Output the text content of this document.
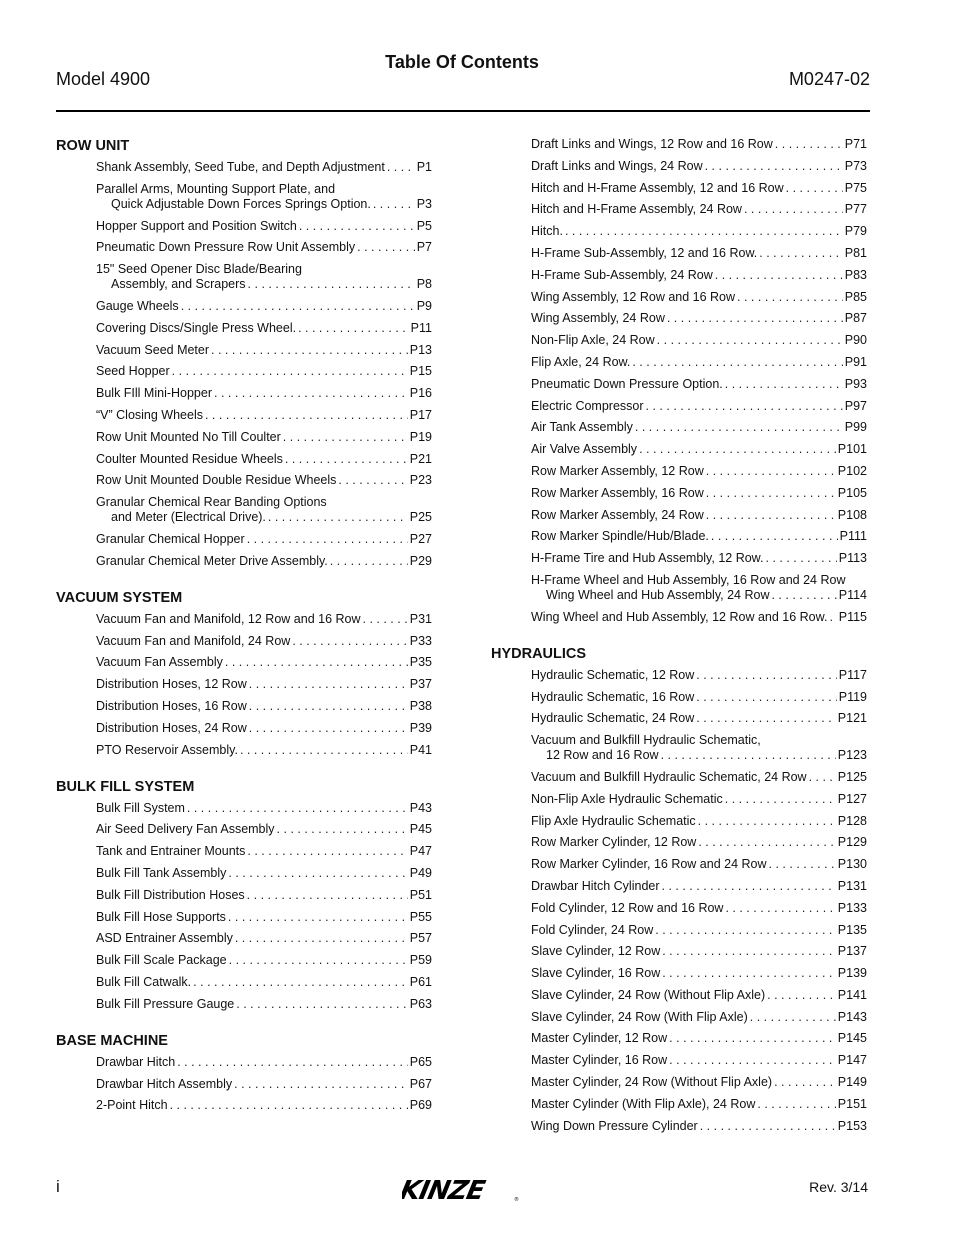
Table Of Contents
Model 4900	M0247-02
ROW UNIT
Shank Assembly, Seed Tube, and Depth Adjustment . . .	P1
Parallel Arms, Mounting Support Plate, and
Quick Adjustable Down Forces Springs Option. . . .	P3
Hopper Support and Position Switch . . .	P5
Pneumatic Down Pressure Row Unit Assembly . . .	P7
15" Seed Opener Disc Blade/Bearing
Assembly, and Scrapers . . .	P8
Gauge Wheels . . .	P9
Covering Discs/Single Press Wheel. . . .	P11
Vacuum Seed Meter . . .	P13
Seed Hopper . . .	P15
Bulk FIll Mini-Hopper . . .	P16
“V” Closing Wheels . . .	P17
Row Unit Mounted No Till Coulter . . .	P19
Coulter Mounted Residue Wheels . . .	P21
Row Unit Mounted Double Residue Wheels . . .	P23
Granular Chemical Rear Banding Options
and Meter (Electrical Drive). . . .	P25
Granular Chemical Hopper . . .	P27
Granular Chemical Meter Drive Assembly. . . .	P29
VACUUM SYSTEM
Vacuum Fan and Manifold, 12 Row and 16 Row . . .	P31
Vacuum Fan and Manifold, 24 Row . . .	P33
Vacuum Fan Assembly . . .	P35
Distribution Hoses, 12 Row . . .	P37
Distribution Hoses, 16 Row . . .	P38
Distribution Hoses, 24 Row . . .	P39
PTO Reservoir Assembly. . . .	P41
BULK FILL SYSTEM
Bulk Fill System . . .	P43
Air Seed Delivery Fan Assembly . . .	P45
Tank and Entrainer Mounts . . .	P47
Bulk Fill Tank Assembly . . .	P49
Bulk Fill Distribution Hoses . . .	P51
Bulk Fill Hose Supports . . .	P55
ASD Entrainer Assembly . . .	P57
Bulk Fill Scale Package . . .	P59
Bulk Fill Catwalk. . . .	P61
Bulk Fill Pressure Gauge . . .	P63
BASE MACHINE
Drawbar Hitch . . .	P65
Drawbar Hitch Assembly . . .	P67
2-Point Hitch . . .	P69
Draft Links and Wings, 12 Row and 16 Row . . .	P71
Draft Links and Wings, 24 Row . . .	P73
Hitch and H-Frame Assembly, 12 and 16 Row . . .	P75
Hitch and H-Frame Assembly, 24 Row . . .	P77
Hitch. . . .	P79
H-Frame Sub-Assembly, 12 and 16 Row. . . .	P81
H-Frame Sub-Assembly, 24 Row . . .	P83
Wing Assembly, 12 Row and 16 Row . . .	P85
Wing Assembly, 24 Row . . .	P87
Non-Flip Axle, 24 Row . . .	P90
Flip Axle, 24 Row. . . .	P91
Pneumatic Down Pressure Option. . . .	P93
Electric Compressor . . .	P97
Air Tank Assembly . . .	P99
Air Valve Assembly . . .	P101
Row Marker Assembly, 12 Row . . .	P102
Row Marker Assembly, 16 Row . . .	P105
Row Marker Assembly, 24 Row . . .	P108
Row Marker Spindle/Hub/Blade. . . .	P111
H-Frame Tire and Hub Assembly, 12 Row. . . .	P113
H-Frame Wheel and Hub Assembly, 16 Row and 24 Row
Wing Wheel and Hub Assembly, 24 Row . . .	P114
Wing Wheel and Hub Assembly, 12 Row and 16 Row. . . . P115
HYDRAULICS
Hydraulic Schematic, 12 Row . . .	P117
Hydraulic Schematic, 16 Row . . .	P119
Hydraulic Schematic, 24 Row . . .	P121
Vacuum and Bulkfill Hydraulic Schematic,
12 Row and 16 Row . . .	P123
Vacuum and Bulkfill Hydraulic Schematic, 24 Row . . . P125
Non-Flip Axle Hydraulic Schematic . . .	P127
Flip Axle Hydraulic Schematic . . .	P128
Row Marker Cylinder, 12 Row . . .	P129
Row Marker Cylinder, 16 Row and 24 Row . . .	P130
Drawbar Hitch Cylinder . . .	P131
Fold Cylinder, 12 Row and 16 Row . . .	P133
Fold Cylinder, 24 Row . . .	P135
Slave Cylinder, 12 Row . . .	P137
Slave Cylinder, 16 Row . . .	P139
Slave Cylinder, 24 Row (Without Flip Axle) . . .	P141
Slave Cylinder, 24 Row (With Flip Axle) . . .	P143
Master Cylinder, 12 Row . . .	P145
Master Cylinder, 16 Row . . .	P147
Master Cylinder, 24 Row (Without Flip Axle) . . .	P149
Master Cylinder (With Flip Axle), 24 Row . . .	P151
Wing Down Pressure Cylinder . . .	P153
i	KINZE	®
Rev. 3/14
